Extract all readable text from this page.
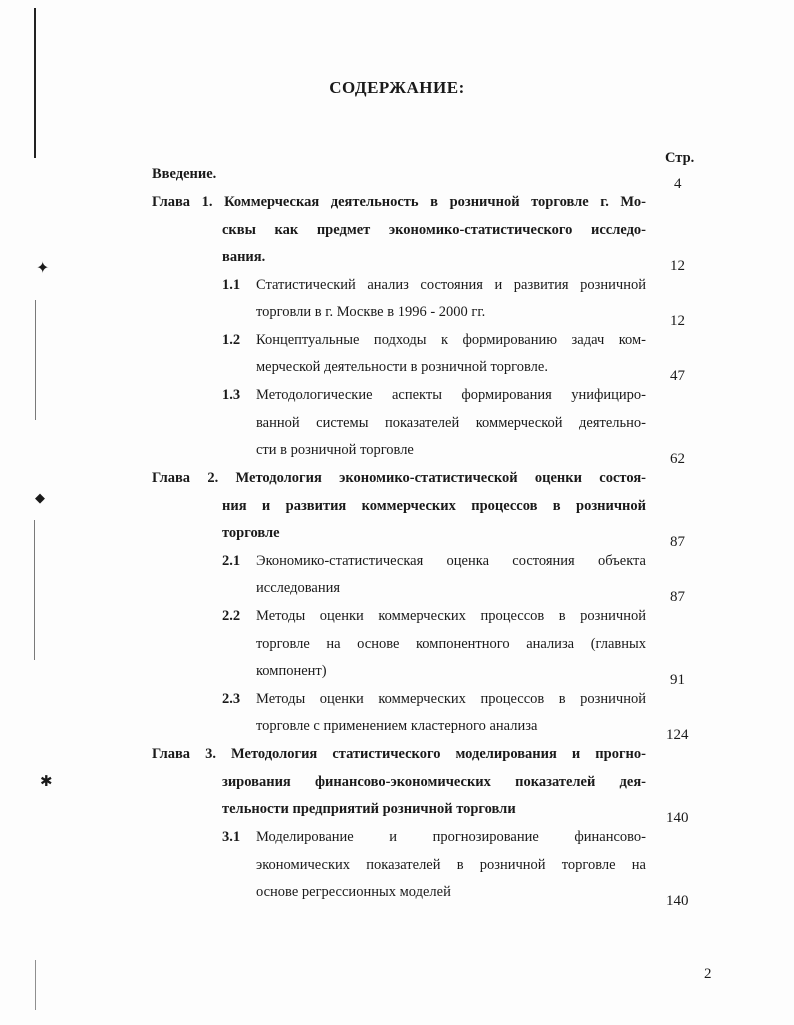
✦
◆
✱
СОДЕРЖАНИЕ:
Стр.
Введение.
4
Глава 1. Коммерческая деятельность в розничной торговле г. Мо-
сквы как предмет экономико-статистического исследо-
вания.
12
1.1 Статистический анализ состояния и развития розничной
торговли в г. Москве в 1996 - 2000 гг.
12
1.2 Концептуальные подходы к формированию задач ком-
мерческой деятельности в розничной торговле.
47
1.3 Методологические аспекты формирования унифициро-
ванной системы показателей коммерческой деятельно-
сти в розничной торговле
62
Глава 2. Методология экономико-статистической оценки состоя-
ния и развития коммерческих процессов в розничной
торговле
87
2.1 Экономико-статистическая оценка состояния объекта
исследования
87
2.2 Методы оценки коммерческих процессов в розничной
торговле на основе компонентного анализа (главных
компонент)
91
2.3 Методы оценки коммерческих процессов в розничной
торговле с применением кластерного анализа
124
Глава 3. Методология статистического моделирования и прогно-
зирования финансово-экономических показателей дея-
тельности предприятий розничной торговли
140
3.1 Моделирование и прогнозирование финансово-
экономических показателей в розничной торговле на
основе регрессионных моделей
140
2
